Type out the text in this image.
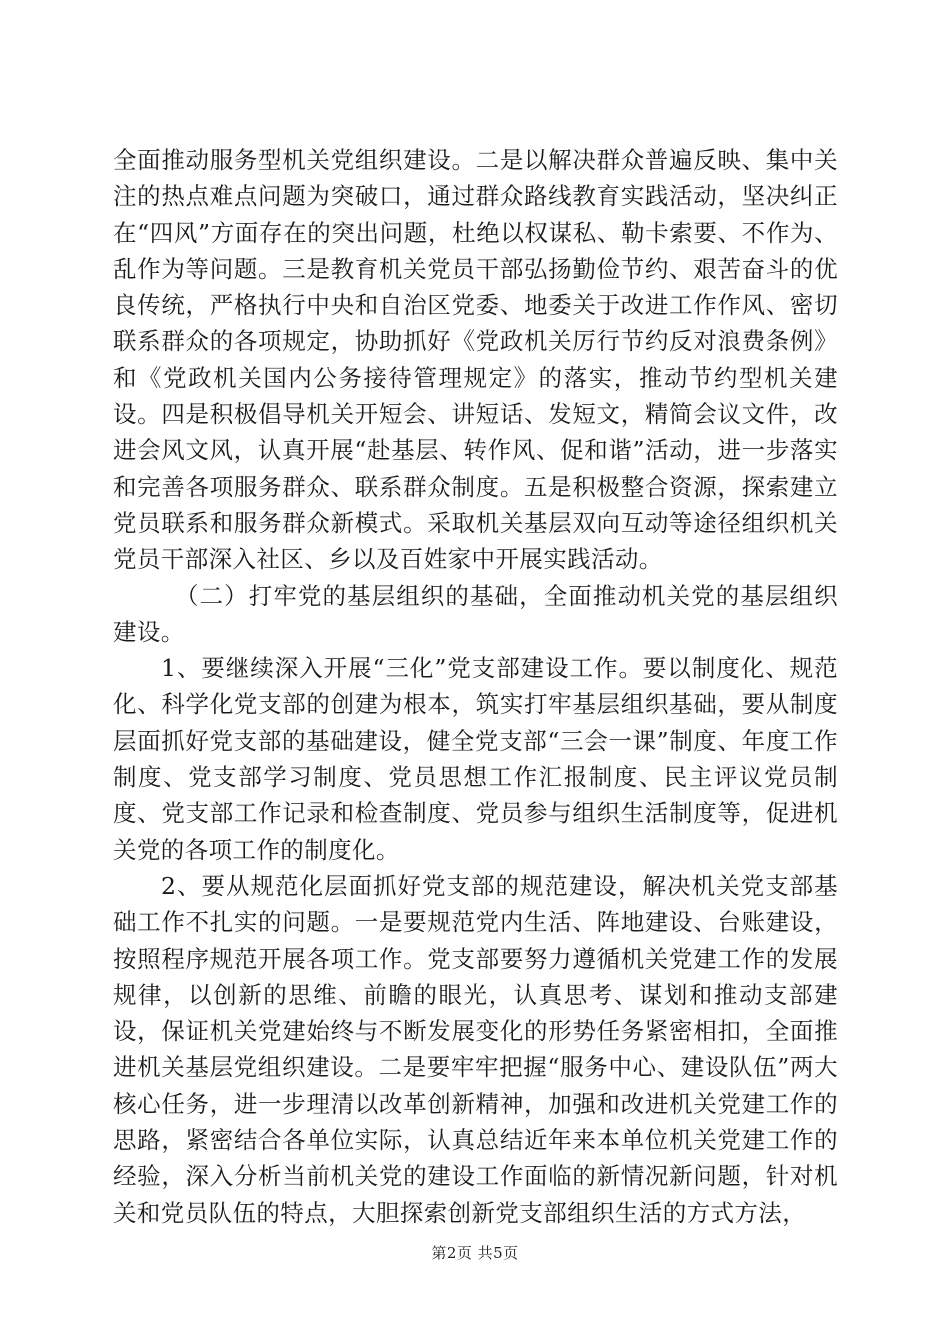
全面推动服务型机关党组织建设。二是以解决群众普遍反映、集中关注的热点难点问题为突破口，通过群众路线教育实践活动，坚决纠正在“四风”方面存在的突出问题，杜绝以权谋私、勒卡索要、不作为、乱作为等问题。三是教育机关党员干部弘扬勤俭节约、艰苦奋斗的优良传统，严格执行中央和自治区党委、地委关于改进工作作风、密切联系群众的各项规定，协助抓好《党政机关厉行节约反对浪费条例》和《党政机关国内公务接待管理规定》的落实，推动节约型机关建设。四是积极倡导机关开短会、讲短话、发短文，精简会议文件，改进会风文风，认真开展“赴基层、转作风、促和谐”活动，进一步落实和完善各项服务群众、联系群众制度。五是积极整合资源，探索建立党员联系和服务群众新模式。采取机关基层双向互动等途径组织机关党员干部深入社区、乡以及百姓家中开展实践活动。

（二）打牢党的基层组织的基础，全面推动机关党的基层组织建设。

1、要继续深入开展“三化”党支部建设工作。要以制度化、规范化、科学化党支部的创建为根本，筑实打牢基层组织基础，要从制度层面抓好党支部的基础建设，健全党支部“三会一课”制度、年度工作制度、党支部学习制度、党员思想工作汇报制度、民主评议党员制度、党支部工作记录和检查制度、党员参与组织生活制度等，促进机关党的各项工作的制度化。

2、要从规范化层面抓好党支部的规范建设，解决机关党支部基础工作不扎实的问题。一是要规范党内生活、阵地建设、台账建设，按照程序规范开展各项工作。党支部要努力遵循机关党建工作的发展规律，以创新的思维、前瞻的眼光，认真思考、谋划和推动支部建设，保证机关党建始终与不断发展变化的形势任务紧密相扣，全面推进机关基层党组织建设。二是要牢牢把握“服务中心、建设队伍”两大核心任务，进一步理清以改革创新精神，加强和改进机关党建工作的思路，紧密结合各单位实际，认真总结近年来本单位机关党建工作的经验，深入分析当前机关党的建设工作面临的新情况新问题，针对机关和党员队伍的特点，大胆探索创新党支部组织生活的方式方法，

第2页 共5页
